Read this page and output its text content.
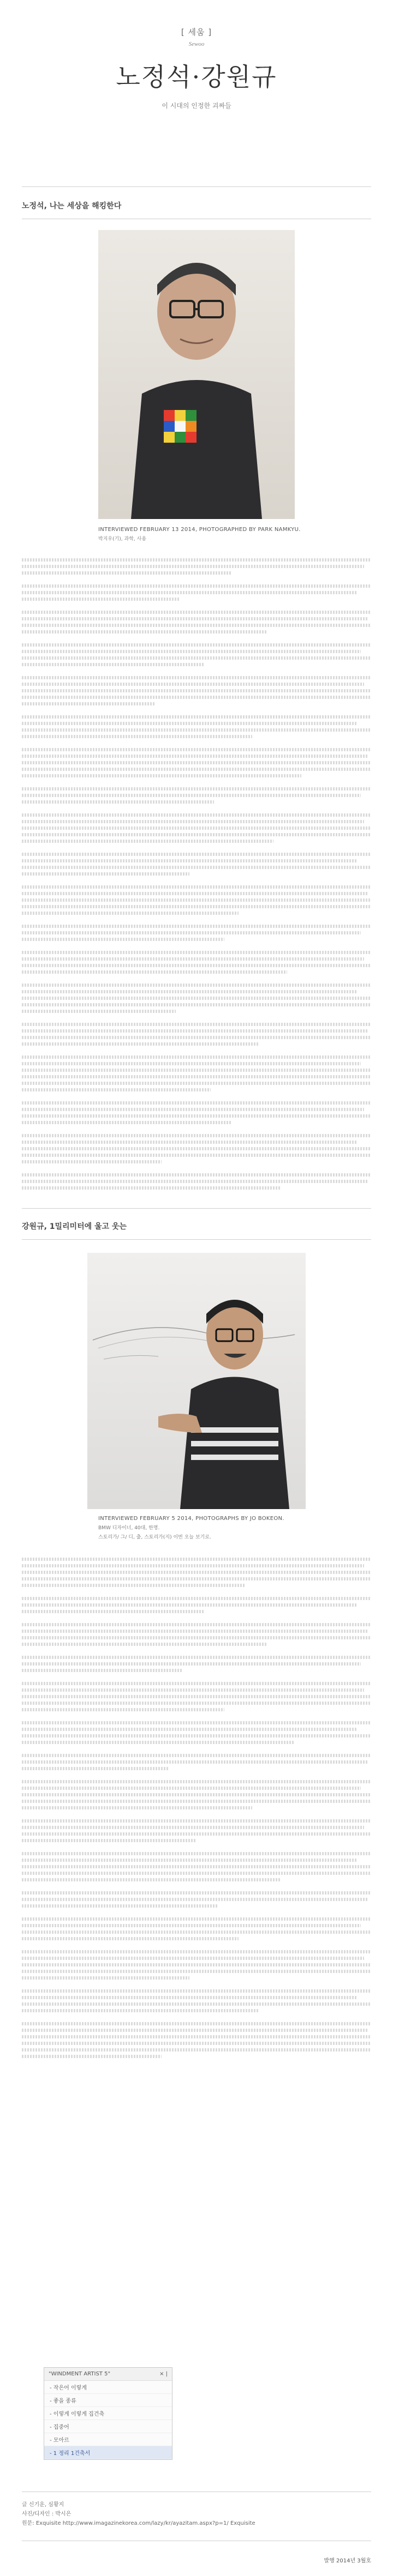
[ 세움 ]
Sewoo
노정석·강원규
이 시대의 인정한 괴짜들
노정석, 나는 세상을 해킹한다
INTERVIEWED FEBRUARY 13 2014, PHOTOGRAPHED BY PARK NAMKYU.
박지우(기), 과학, 사용
강원규, 1밀리미터에 울고 웃는
INTERVIEWED FEBRUARY 5 2014, PHOTOGRAPHS BY JO BOKEON.
BMW 디자이너, 40대, 한명.
스토리가/ 그/ 디, 출, 스토리가(지) 이번 오늘 보기로.
"WINDMENT ARTIST 5"	× |
- 작은어 이렇게
- 좋을 종류
- 이렇게 이렇게 집건축
- 집중어
- 모아르
- 1 정리 1건축서
글 신기운, 심황지
사진/디자인 : 박시은
원문: Exquisite http://www.imagazinekorea.com/lazy/kr/ayazitam.aspx?p=1/ Exquisite
발행 2014년 3월호
